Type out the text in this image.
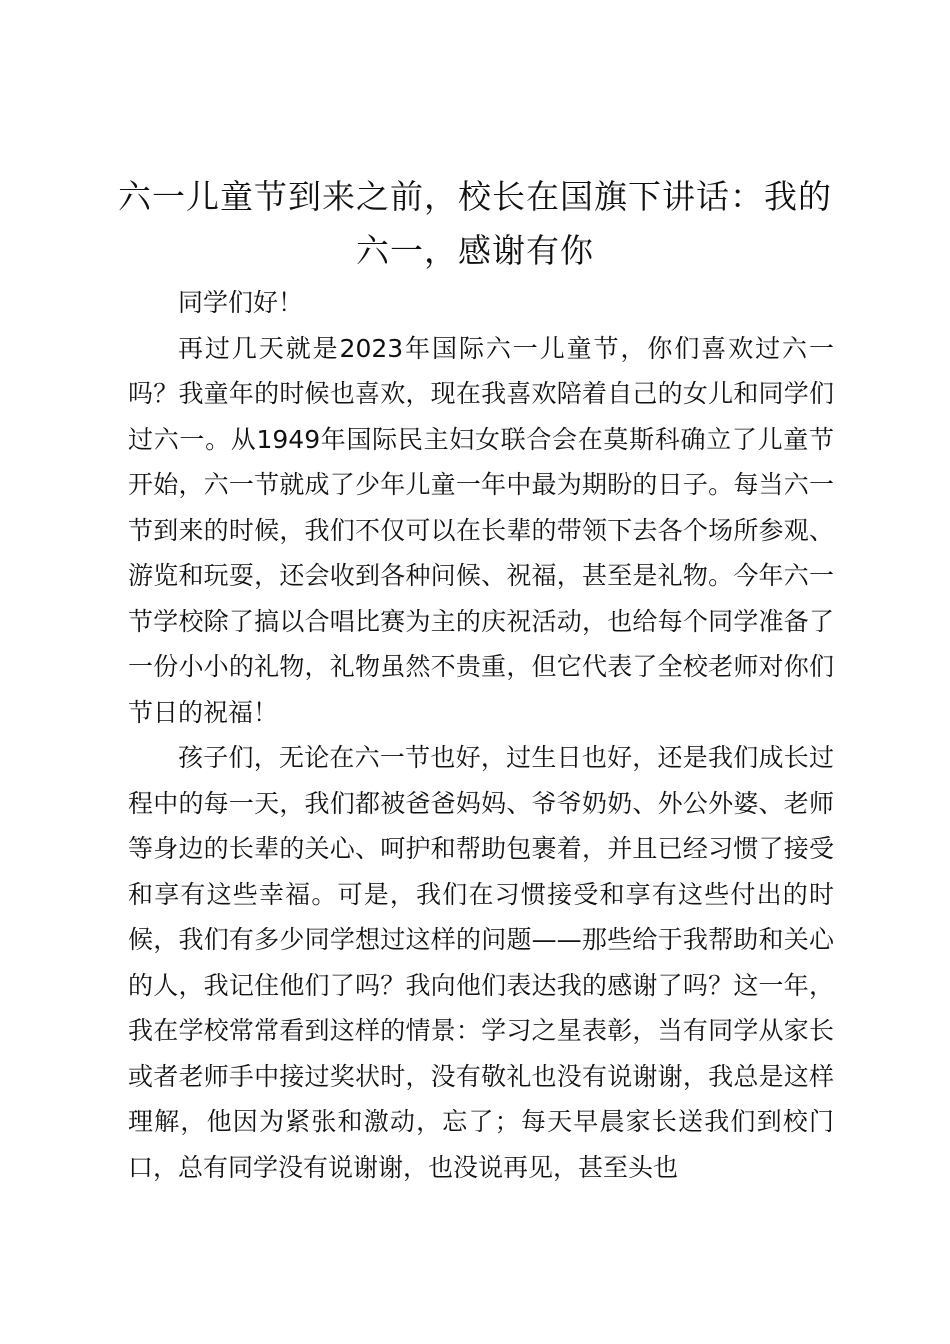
六一儿童节到来之前，校长在国旗下讲话：我的六一，感谢有你

同学们好！

再过几天就是2023年国际六一儿童节，你们喜欢过六一吗？我童年的时候也喜欢，现在我喜欢陪着自己的女儿和同学们过六一。从1949年国际民主妇女联合会在莫斯科确立了儿童节开始，六一节就成了少年儿童一年中最为期盼的日子。每当六一节到来的时候，我们不仅可以在长辈的带领下去各个场所参观、游览和玩耍，还会收到各种问候、祝福，甚至是礼物。今年六一节学校除了搞以合唱比赛为主的庆祝活动，也给每个同学准备了一份小小的礼物，礼物虽然不贵重，但它代表了全校老师对你们节日的祝福！

孩子们，无论在六一节也好，过生日也好，还是我们成长过程中的每一天，我们都被爸爸妈妈、爷爷奶奶、外公外婆、老师等身边的长辈的关心、呵护和帮助包裹着，并且已经习惯了接受和享有这些幸福。可是，我们在习惯接受和享有这些付出的时候，我们有多少同学想过这样的问题——那些给于我帮助和关心的人，我记住他们了吗？我向他们表达我的感谢了吗？这一年，我在学校常常看到这样的情景：学习之星表彰，当有同学从家长或者老师手中接过奖状时，没有敬礼也没有说谢谢，我总是这样理解，他因为紧张和激动，忘了；每天早晨家长送我们到校门口，总有同学没有说谢谢，也没说再见，甚至头也
